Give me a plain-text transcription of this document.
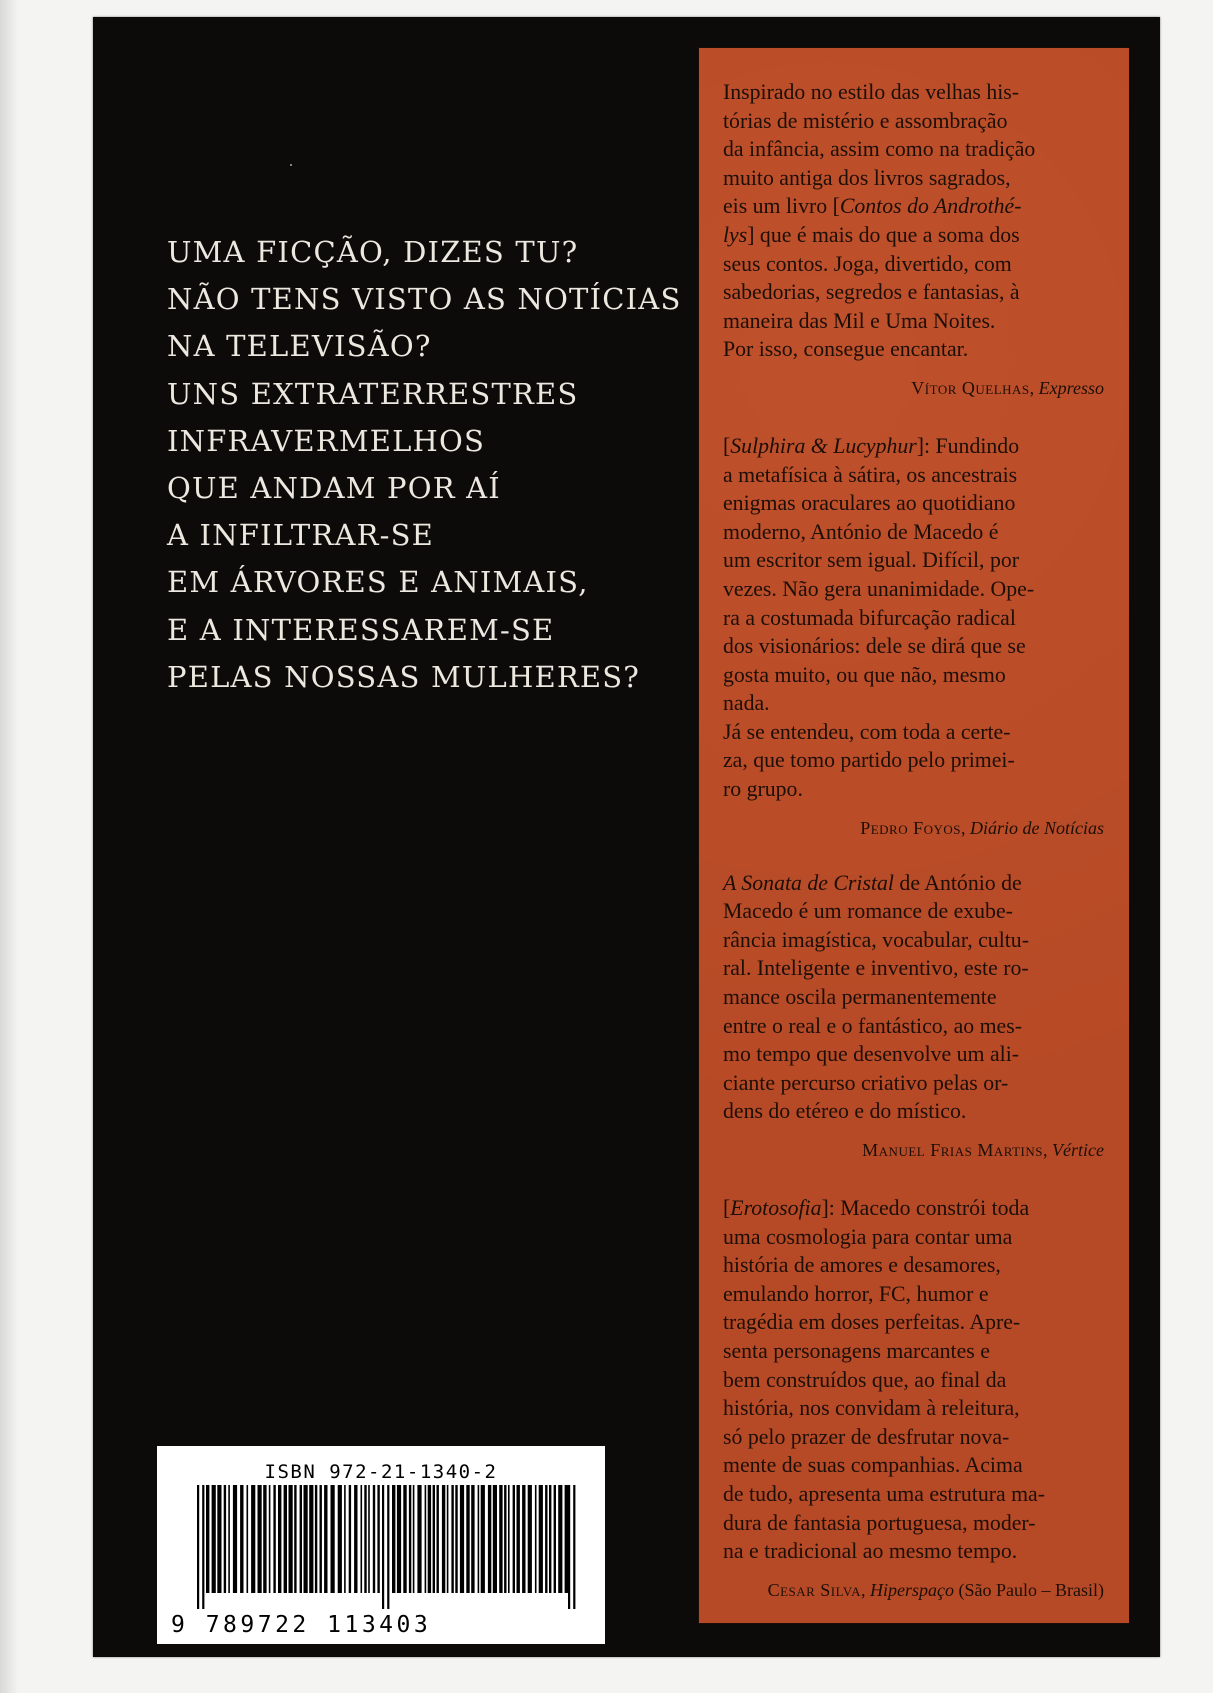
UMA FICÇÃO, DIZES TU?
NÃO TENS VISTO AS NOTÍCIAS
NA TELEVISÃO?
UNS EXTRATERRESTRES
INFRAVERMELHOS
QUE ANDAM POR AÍ
A INFILTRAR-SE
EM ÁRVORES E ANIMAIS,
E A INTERESSAREM-SE
PELAS NOSSAS MULHERES?

Inspirado no estilo das velhas his-

tórias de mistério e assombração

da infância, assim como na tradição

muito antiga dos livros sagrados,

eis um livro [Contos do Androthé-

lys] que é mais do que a soma dos

seus contos. Joga, divertido, com

sabedorias, segredos e fantasias, à

maneira das Mil e Uma Noites.

Por isso, consegue encantar.

Vítor Quelhas, Expresso

[Sulphira & Lucyphur]: Fundindo

a metafísica à sátira, os ancestrais

enigmas oraculares ao quotidiano

moderno, António de Macedo é

um escritor sem igual. Difícil, por

vezes. Não gera unanimidade. Ope-

ra a costumada bifurcação radical

dos visionários: dele se dirá que se

gosta muito, ou que não, mesmo

nada.

Já se entendeu, com toda a certe-

za, que tomo partido pelo primei-

ro grupo.

Pedro Foyos, Diário de Notícias

A Sonata de Cristal de António de

Macedo é um romance de exube-

rância imagística, vocabular, cultu-

ral. Inteligente e inventivo, este ro-

mance oscila permanentemente

entre o real e o fantástico, ao mes-

mo tempo que desenvolve um ali-

ciante percurso criativo pelas or-

dens do etéreo e do místico.

Manuel Frias Martins, Vértice

[Erotosofia]: Macedo constrói toda

uma cosmologia para contar uma

história de amores e desamores,

emulando horror, FC, humor e

tragédia em doses perfeitas. Apre-

senta personagens marcantes e

bem construídos que, ao final da

história, nos convidam à releitura,

só pelo prazer de desfrutar nova-

mente de suas companhias. Acima

de tudo, apresenta uma estrutura ma-

dura de fantasia portuguesa, moder-

na e tradicional ao mesmo tempo.

Cesar Silva, Hiperspaço (São Paulo – Brasil)
ISBN 972-21-1340-2
9 789722 113403
